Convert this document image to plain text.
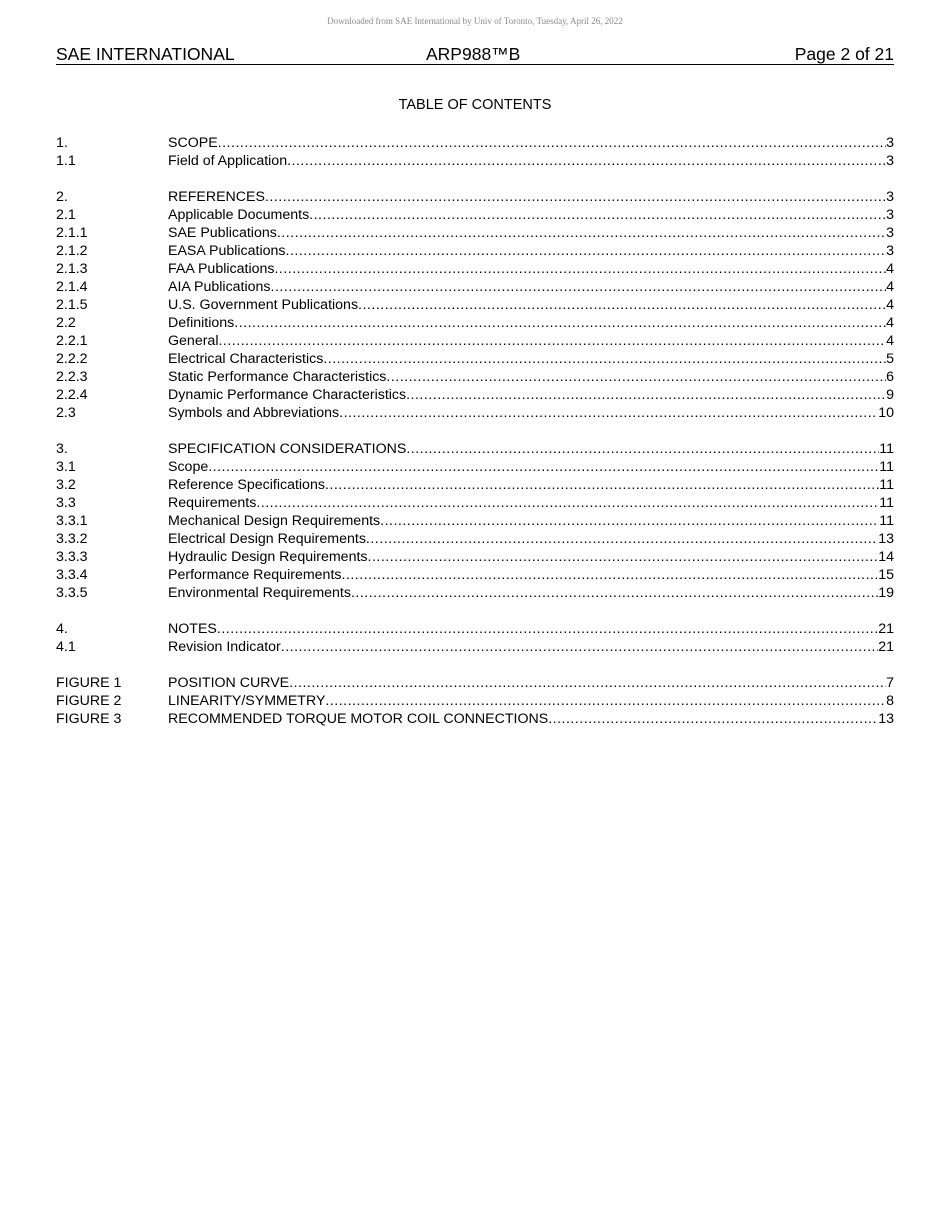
Downloaded from SAE International by Univ of Toronto, Tuesday, April 26, 2022
SAE INTERNATIONAL	ARP988™B	Page 2 of 21
TABLE OF CONTENTS
1.	SCOPE .....	3
1.1	Field of Application .....	3
2.	REFERENCES .....	3
2.1	Applicable Documents .....	3
2.1.1	SAE Publications .....	3
2.1.2	EASA Publications .....	3
2.1.3	FAA Publications .....	4
2.1.4	AIA Publications .....	4
2.1.5	U.S. Government Publications .....	4
2.2	Definitions .....	4
2.2.1	General .....	4
2.2.2	Electrical Characteristics .....	5
2.2.3	Static Performance Characteristics .....	6
2.2.4	Dynamic Performance Characteristics .....	9
2.3	Symbols and Abbreviations .....	10
3.	SPECIFICATION CONSIDERATIONS .....	11
3.1	Scope .....	11
3.2	Reference Specifications .....	11
3.3	Requirements .....	11
3.3.1	Mechanical Design Requirements .....	11
3.3.2	Electrical Design Requirements .....	13
3.3.3	Hydraulic Design Requirements .....	14
3.3.4	Performance Requirements .....	15
3.3.5	Environmental Requirements .....	19
4.	NOTES .....	21
4.1	Revision Indicator .....	21
FIGURE 1	POSITION CURVE .....	7
FIGURE 2	LINEARITY/SYMMETRY .....	8
FIGURE 3	RECOMMENDED TORQUE MOTOR COIL CONNECTIONS .....	13
